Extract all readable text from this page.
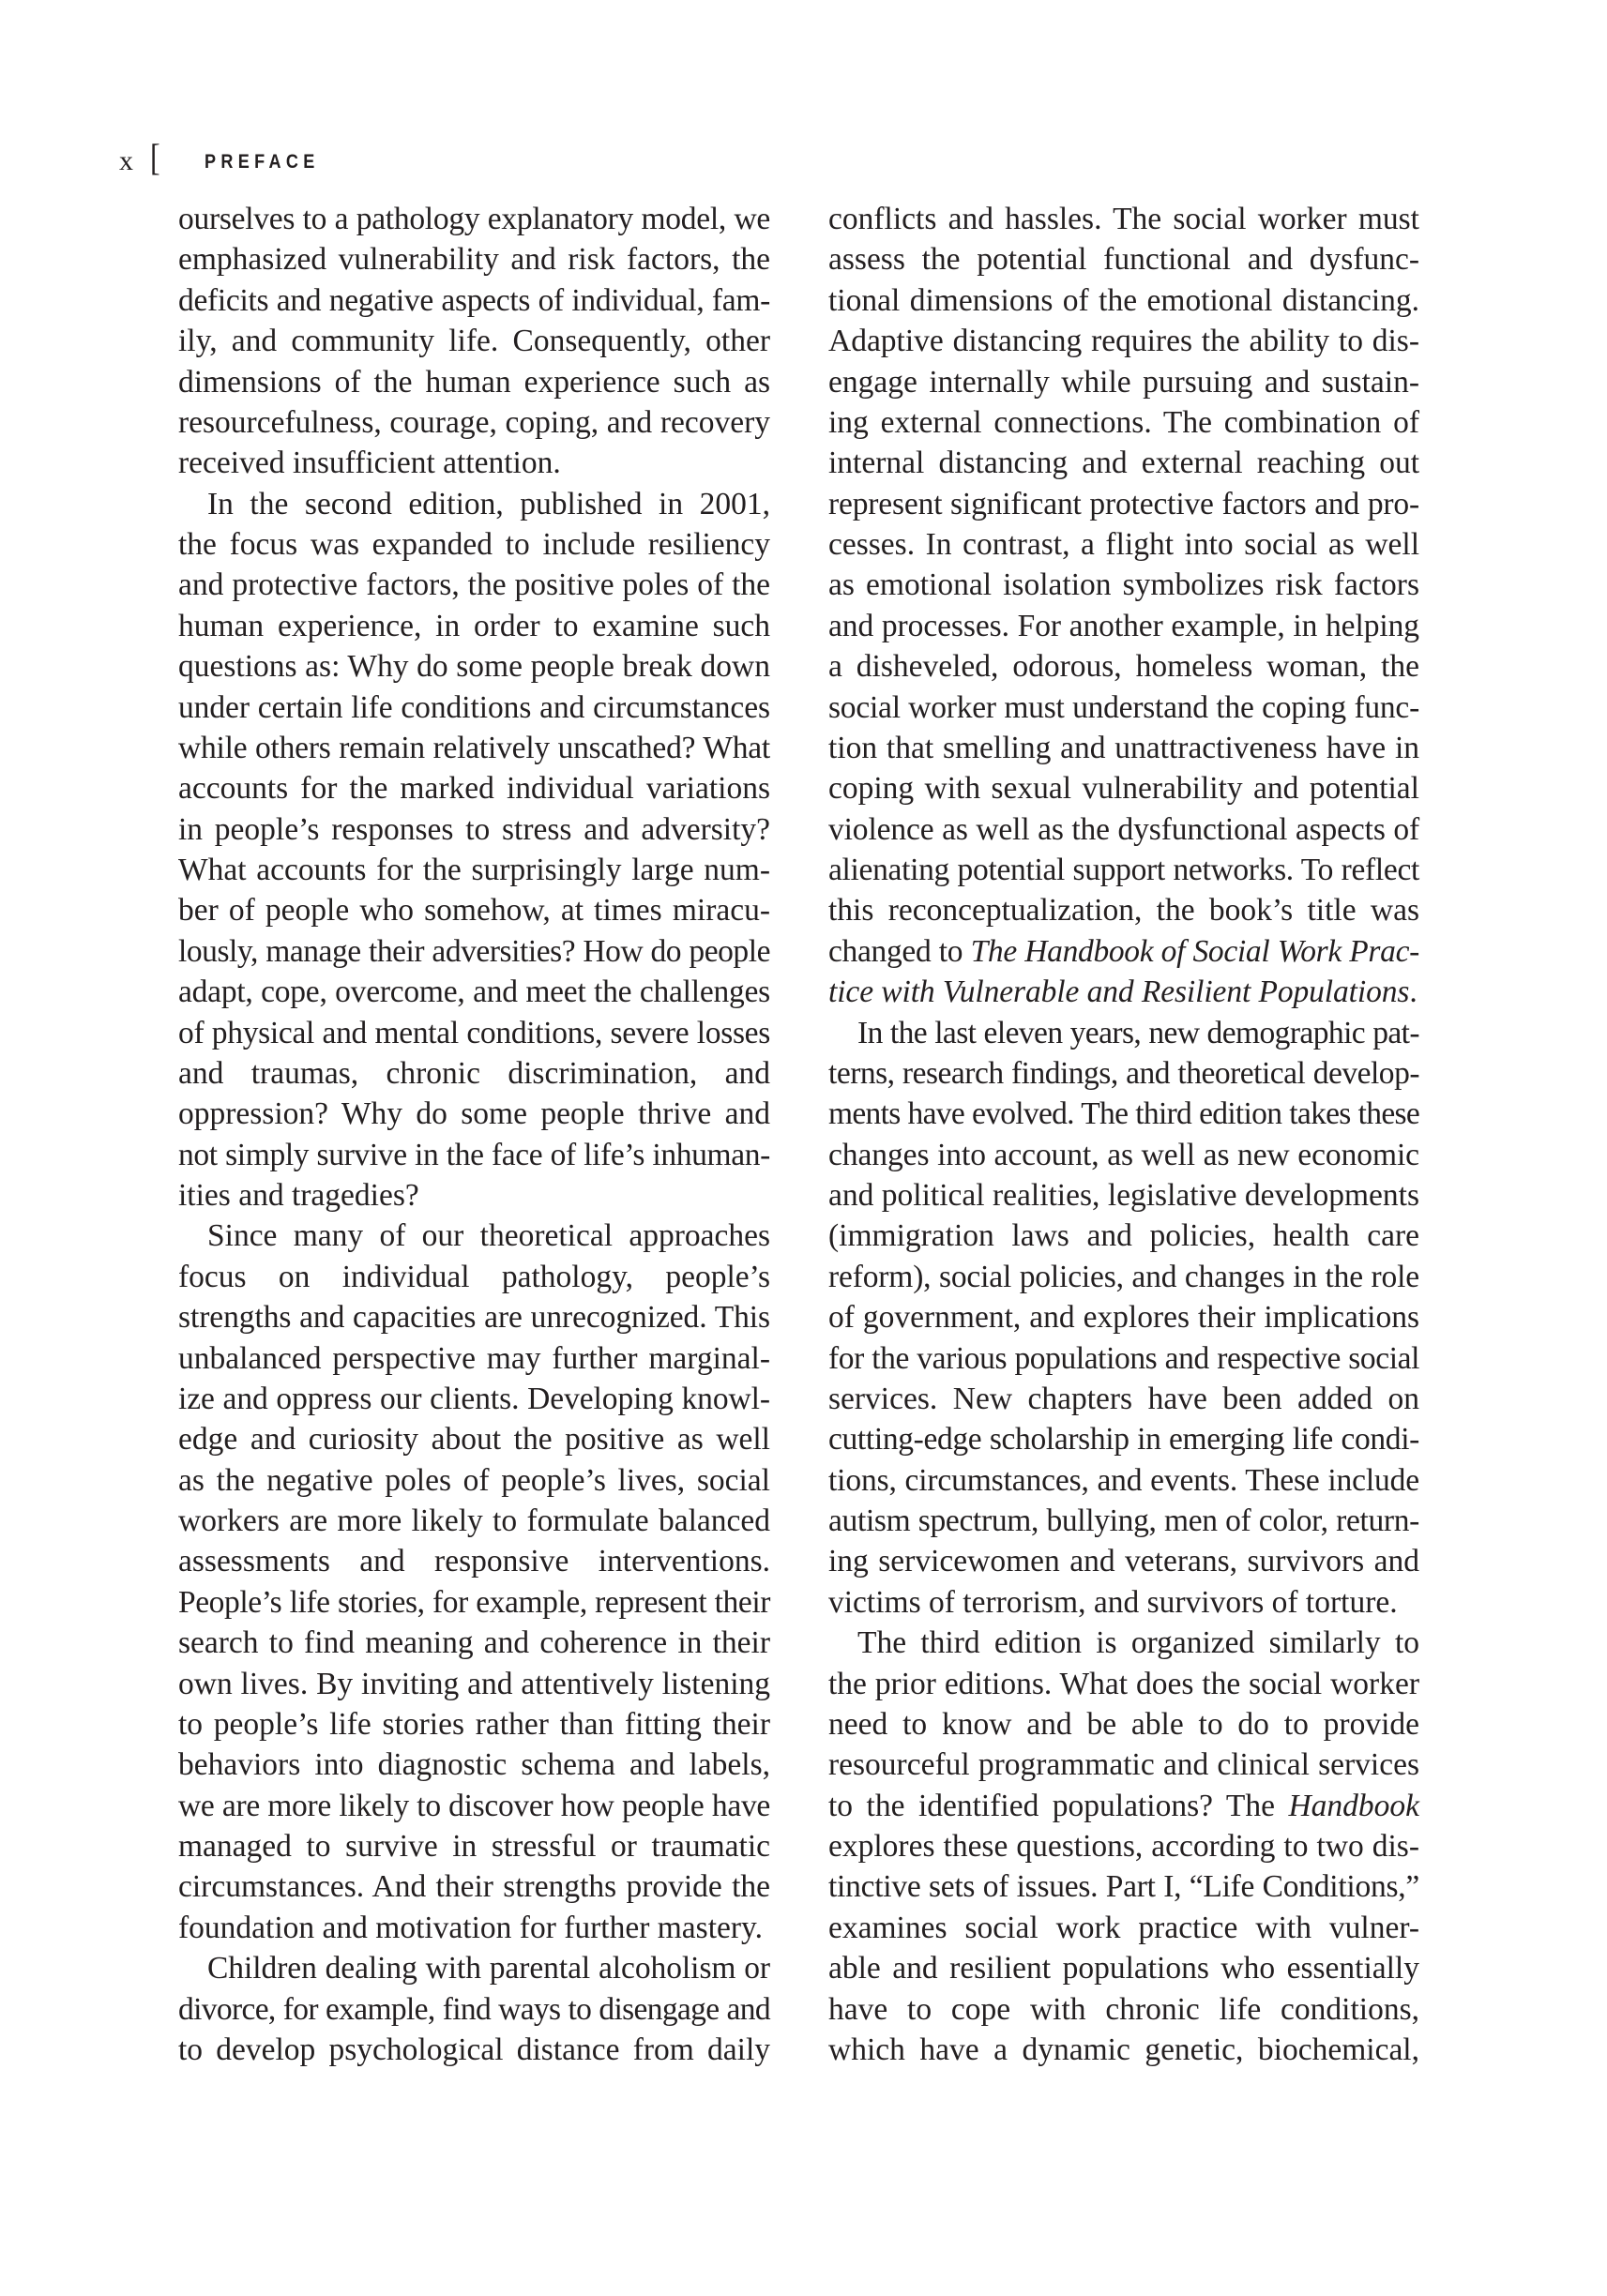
x [ PREFACE
ourselves to a pathology explanatory model, we
emphasized vulnerability and risk factors, the
deficits and negative aspects of individual, fam-
ily, and community life. Consequently, other
dimensions of the human experience such as
resourcefulness, courage, coping, and recovery
received insufficient attention.
In the second edition, published in 2001,
the focus was expanded to include resiliency
and protective factors, the positive poles of the
human experience, in order to examine such
questions as: Why do some people break down
under certain life conditions and circumstances
while others remain relatively unscathed? What
accounts for the marked individual variations
in people’s responses to stress and adversity?
What accounts for the surprisingly large num-
ber of people who somehow, at times miracu-
lously, manage their adversities? How do people
adapt, cope, overcome, and meet the challenges
of physical and mental conditions, severe losses
and traumas, chronic discrimination, and
oppression? Why do some people thrive and
not simply survive in the face of life’s inhuman-
ities and tragedies?
Since many of our theoretical approaches
focus on individual pathology, people’s
strengths and capacities are unrecognized. This
unbalanced perspective may further marginal-
ize and oppress our clients. Developing knowl-
edge and curiosity about the positive as well
as the negative poles of people’s lives, social
workers are more likely to formulate balanced
assessments and responsive interventions.
People’s life stories, for example, represent their
search to find meaning and coherence in their
own lives. By inviting and attentively listening
to people’s life stories rather than fitting their
behaviors into diagnostic schema and labels,
we are more likely to discover how people have
managed to survive in stressful or traumatic
circumstances. And their strengths provide the
foundation and motivation for further mastery.
Children dealing with parental alcoholism or
divorce, for example, find ways to disengage and
to develop psychological distance from daily
conflicts and hassles. The social worker must
assess the potential functional and dysfunc-
tional dimensions of the emotional distancing.
Adaptive distancing requires the ability to dis-
engage internally while pursuing and sustain-
ing external connections. The combination of
internal distancing and external reaching out
represent significant protective factors and pro-
cesses. In contrast, a flight into social as well
as emotional isolation symbolizes risk factors
and processes. For another example, in helping
a disheveled, odorous, homeless woman, the
social worker must understand the coping func-
tion that smelling and unattractiveness have in
coping with sexual vulnerability and potential
violence as well as the dysfunctional aspects of
alienating potential support networks. To reflect
this reconceptualization, the book’s title was
changed to The Handbook of Social Work Prac-
tice with Vulnerable and Resilient Populations.
In the last eleven years, new demographic pat-
terns, research findings, and theoretical develop-
ments have evolved. The third edition takes these
changes into account, as well as new economic
and political realities, legislative developments
(immigration laws and policies, health care
reform), social policies, and changes in the role
of government, and explores their implications
for the various populations and respective social
services. New chapters have been added on
cutting-edge scholarship in emerging life condi-
tions, circumstances, and events. These include
autism spectrum, bullying, men of color, return-
ing servicewomen and veterans, survivors and
victims of terrorism, and survivors of torture.
The third edition is organized similarly to
the prior editions. What does the social worker
need to know and be able to do to provide
resourceful programmatic and clinical services
to the identified populations? The Handbook
explores these questions, according to two dis-
tinctive sets of issues. Part I, “Life Conditions,”
examines social work practice with vulner-
able and resilient populations who essentially
have to cope with chronic life conditions,
which have a dynamic genetic, biochemical,
